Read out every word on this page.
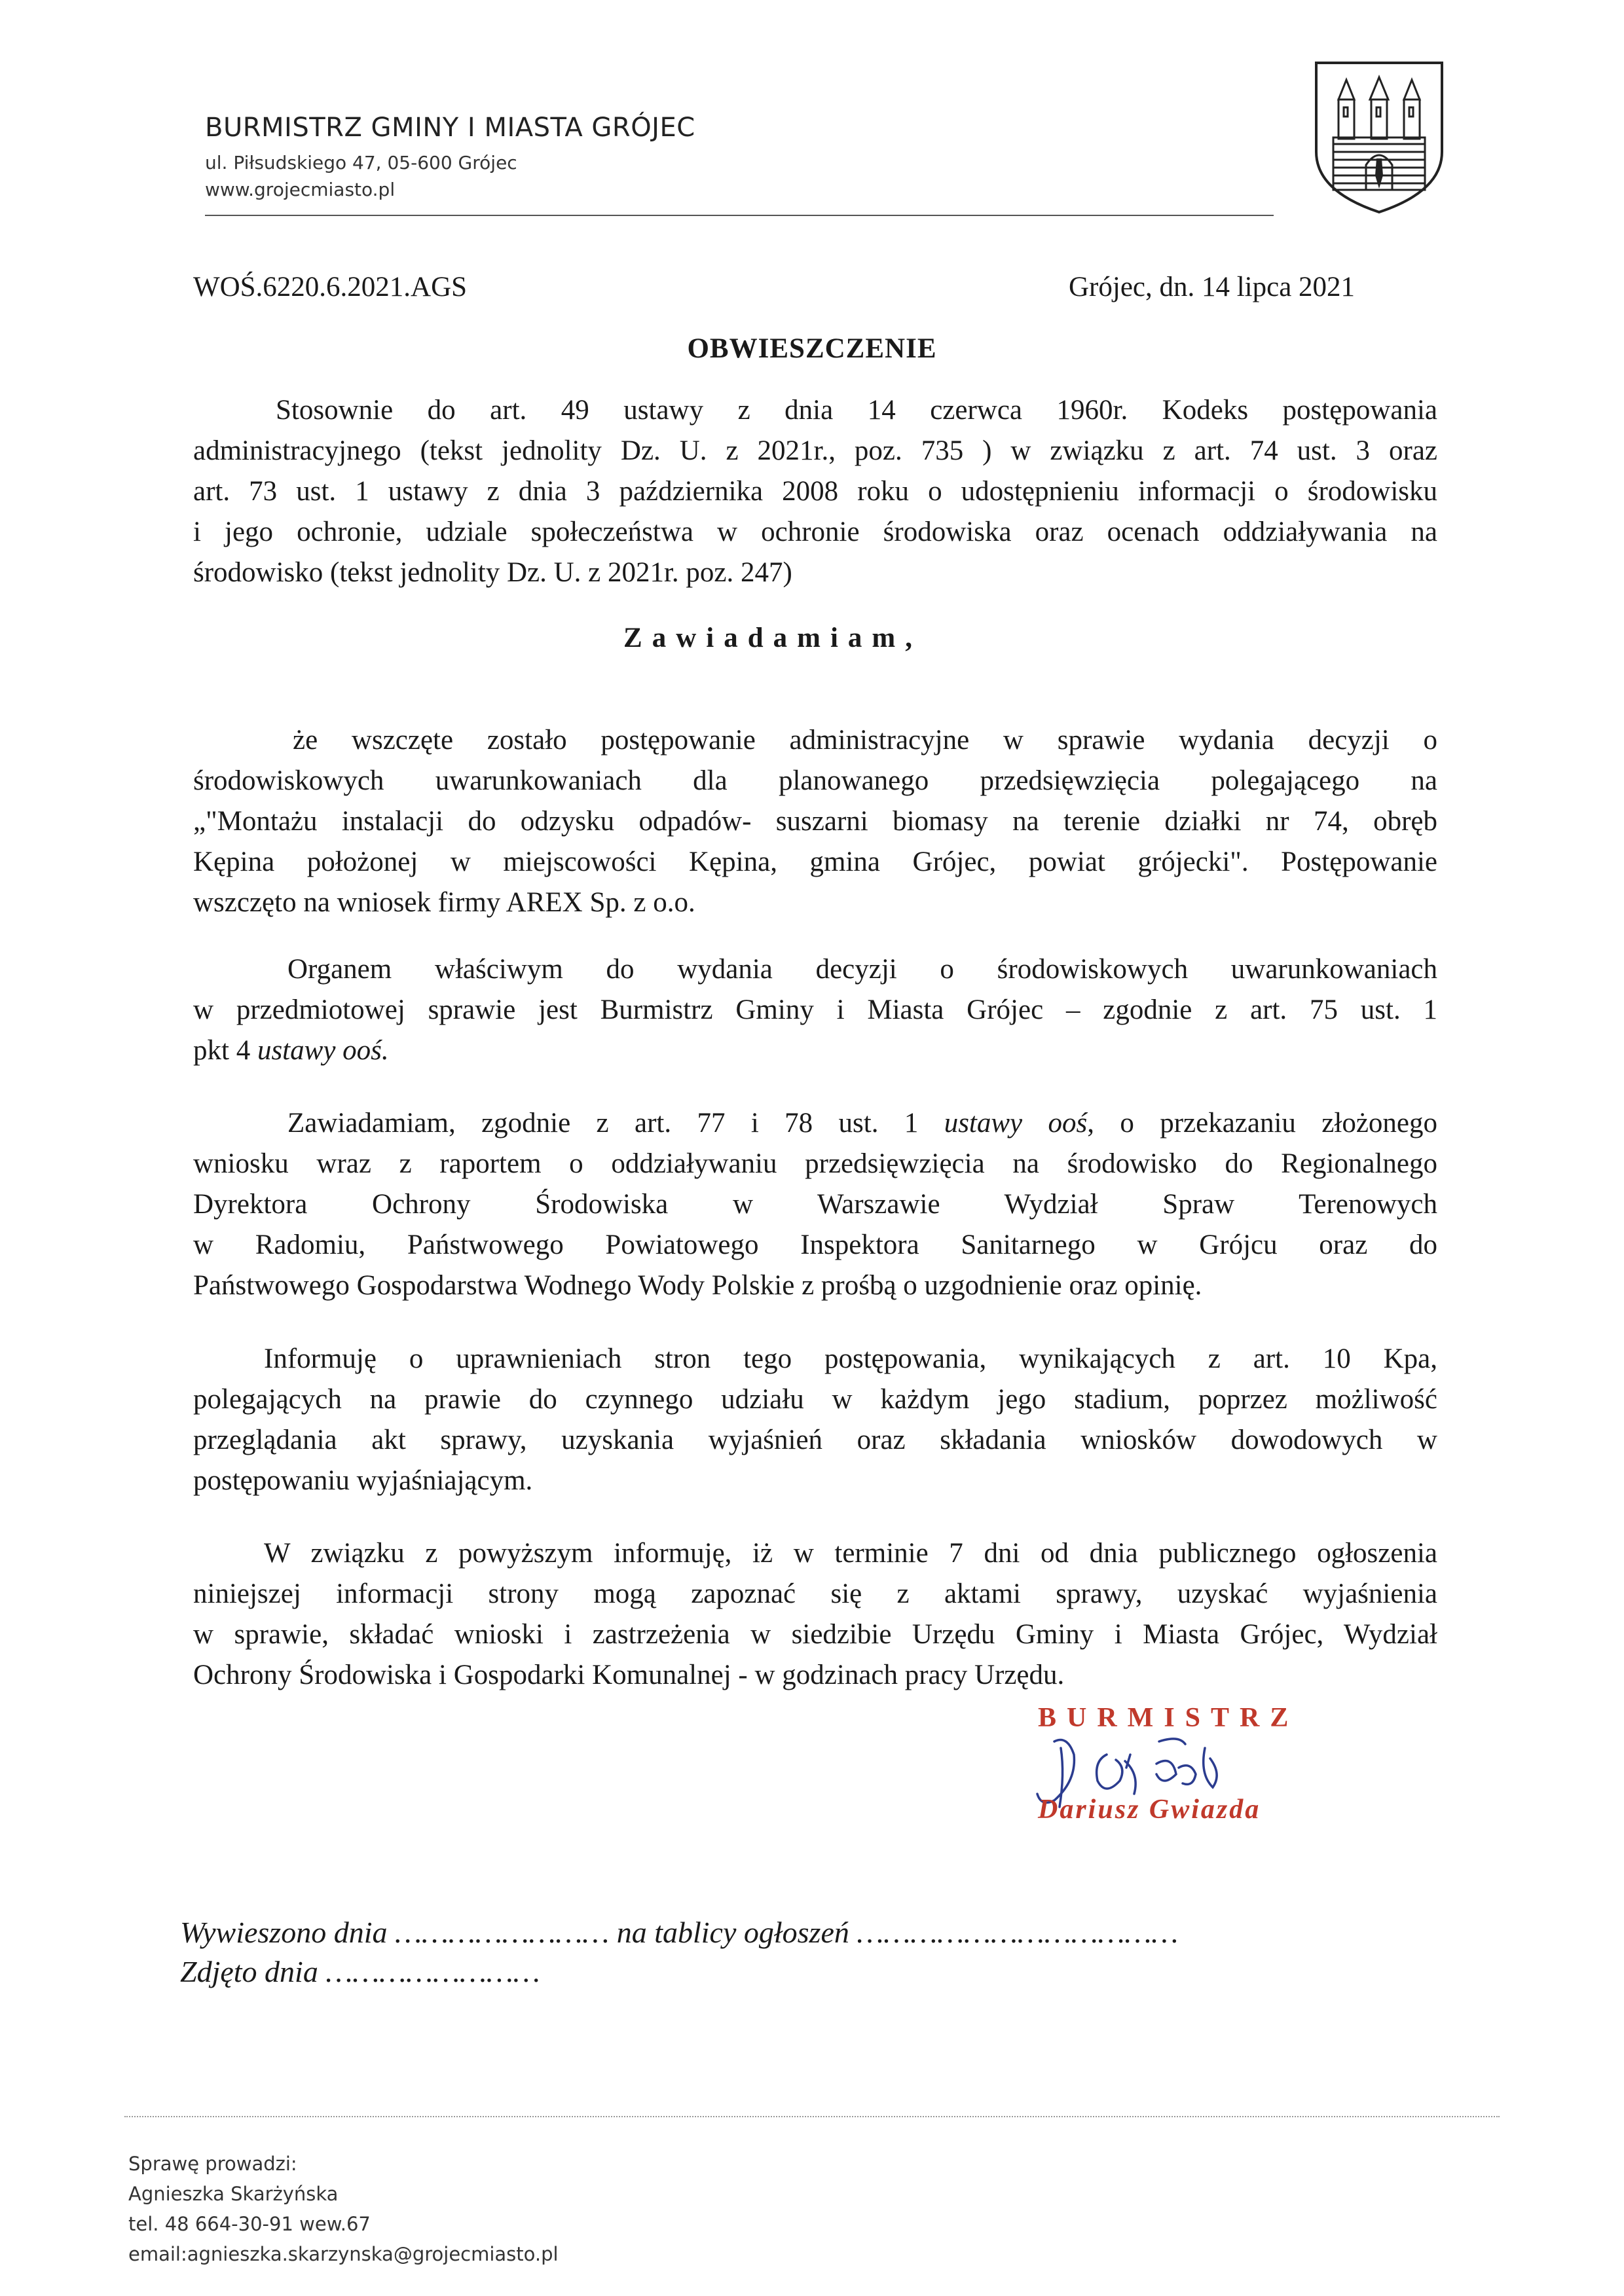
BURMISTRZ GMINY I MIASTA GRÓJEC
ul. Piłsudskiego 47, 05-600 Grójec
www.grojecmiasto.pl
WOŚ.6220.6.2021.AGS	Grójec, dn. 14 lipca 2021
OBWIESZCZENIE
Stosownie do art. 49 ustawy z dnia 14 czerwca 1960r. Kodeks postępowania
administracyjnego (tekst jednolity Dz. U. z 2021r., poz. 735 ) w związku z art. 74 ust. 3 oraz
art. 73 ust. 1 ustawy z dnia 3 października 2008 roku o udostępnieniu informacji o środowisku
i jego ochronie, udziale społeczeństwa w ochronie środowiska oraz ocenach oddziaływania na
środowisko (tekst jednolity Dz. U. z 2021r. poz. 247)
Zawiadamiam,
że wszczęte zostało postępowanie administracyjne w sprawie wydania decyzji o
środowiskowych uwarunkowaniach dla planowanego przedsięwzięcia polegającego na
„"Montażu instalacji do odzysku odpadów- suszarni biomasy na terenie działki nr 74, obręb
Kępina położonej w miejscowości Kępina, gmina Grójec, powiat grójecki". Postępowanie
wszczęto na wniosek firmy AREX Sp. z o.o.
Organem właściwym do wydania decyzji o środowiskowych uwarunkowaniach
w przedmiotowej sprawie jest Burmistrz Gminy i Miasta Grójec – zgodnie z art. 75 ust. 1
pkt 4 ustawy ooś.
Zawiadamiam, zgodnie z art. 77 i 78 ust. 1 ustawy ooś, o przekazaniu złożonego
wniosku wraz z raportem o oddziaływaniu przedsięwzięcia na środowisko do Regionalnego
Dyrektora Ochrony Środowiska w Warszawie Wydział Spraw Terenowych
w Radomiu, Państwowego Powiatowego Inspektora Sanitarnego w Grójcu oraz do
Państwowego Gospodarstwa Wodnego Wody Polskie z prośbą o uzgodnienie oraz opinię.
Informuję o uprawnieniach stron tego postępowania, wynikających z art. 10 Kpa,
polegających na prawie do czynnego udziału w każdym jego stadium, poprzez możliwość
przeglądania akt sprawy, uzyskania wyjaśnień oraz składania wniosków dowodowych w
postępowaniu wyjaśniającym.
W związku z powyższym informuję, iż w terminie 7 dni od dnia publicznego ogłoszenia
niniejszej informacji strony mogą zapoznać się z aktami sprawy, uzyskać wyjaśnienia
w sprawie, składać wnioski i zastrzeżenia w siedzibie Urzędu Gminy i Miasta Grójec, Wydział
Ochrony Środowiska i Gospodarki Komunalnej - w godzinach pracy Urzędu.
BURMISTRZ
Dariusz Gwiazda
Wywieszono dnia …………………… na tablicy ogłoszeń ………………………………
Zdjęto dnia ……………………
Sprawę prowadzi:
Agnieszka Skarżyńska
tel. 48 664-30-91 wew.67
email:agnieszka.skarzynska@grojecmiasto.pl
